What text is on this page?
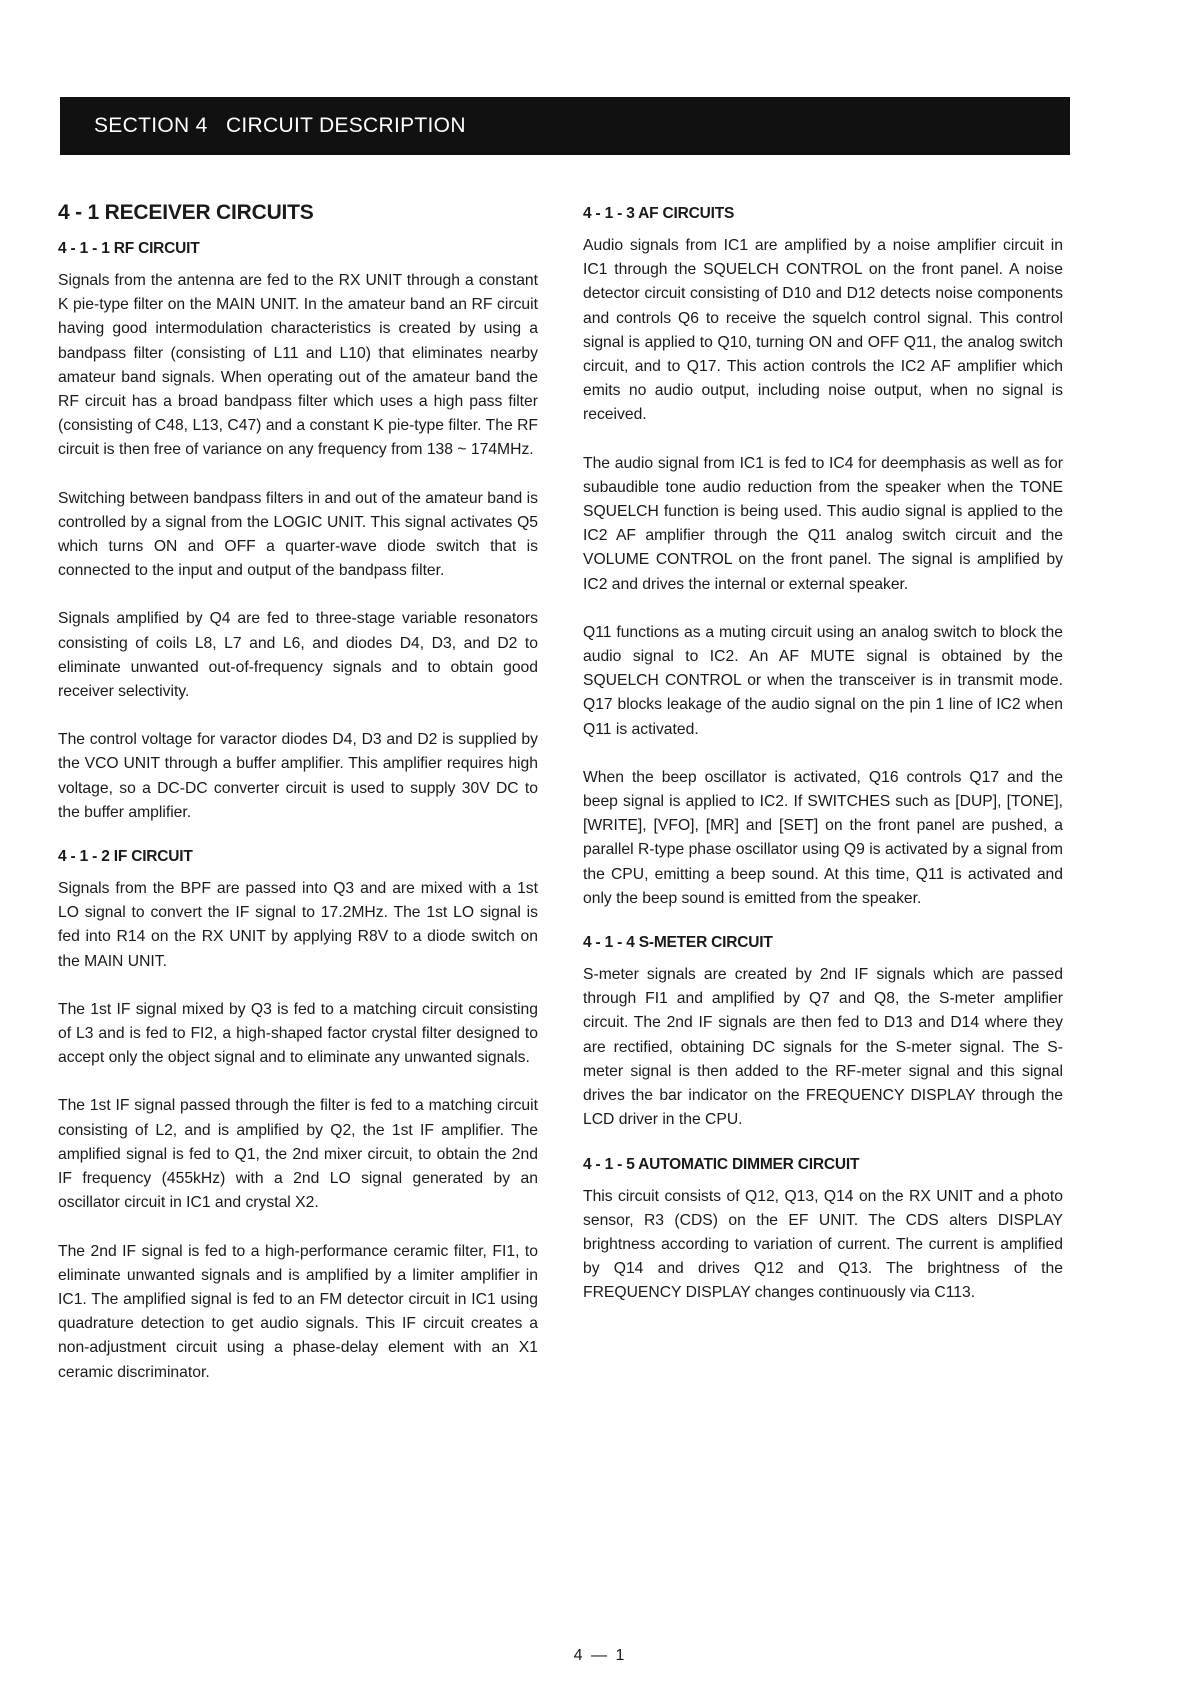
SECTION 4   CIRCUIT DESCRIPTION
4 - 1 RECEIVER CIRCUITS
4 - 1 - 1 RF CIRCUIT

Signals from the antenna are fed to the RX UNIT through a constant K pie-type filter on the MAIN UNIT. In the amateur band an RF circuit having good intermodulation characteristics is created by using a bandpass filter (consisting of L11 and L10) that eliminates nearby amateur band signals. When operating out of the amateur band the RF circuit has a broad bandpass filter which uses a high pass filter (consisting of C48, L13, C47) and a constant K pie-type filter. The RF circuit is then free of variance on any frequency from 138 ~ 174MHz.

Switching between bandpass filters in and out of the amateur band is controlled by a signal from the LOGIC UNIT. This signal activates Q5 which turns ON and OFF a quarter-wave diode switch that is connected to the input and output of the bandpass filter.

Signals amplified by Q4 are fed to three-stage variable resonators consisting of coils L8, L7 and L6, and diodes D4, D3, and D2 to eliminate unwanted out-of-frequency signals and to obtain good receiver selectivity.

The control voltage for varactor diodes D4, D3 and D2 is supplied by the VCO UNIT through a buffer amplifier. This amplifier requires high voltage, so a DC-DC converter circuit is used to supply 30V DC to the buffer amplifier.

4 - 1 - 2 IF CIRCUIT

Signals from the BPF are passed into Q3 and are mixed with a 1st LO signal to convert the IF signal to 17.2MHz. The 1st LO signal is fed into R14 on the RX UNIT by applying R8V to a diode switch on the MAIN UNIT.

The 1st IF signal mixed by Q3 is fed to a matching circuit consisting of L3 and is fed to FI2, a high-shaped factor crystal filter designed to accept only the object signal and to eliminate any unwanted signals.

The 1st IF signal passed through the filter is fed to a matching circuit consisting of L2, and is amplified by Q2, the 1st IF amplifier. The amplified signal is fed to Q1, the 2nd mixer circuit, to obtain the 2nd IF frequency (455kHz) with a 2nd LO signal generated by an oscillator circuit in IC1 and crystal X2.

The 2nd IF signal is fed to a high-performance ceramic filter, FI1, to eliminate unwanted signals and is amplified by a limiter amplifier in IC1. The amplified signal is fed to an FM detector circuit in IC1 using quadrature detection to get audio signals. This IF circuit creates a non-adjustment circuit using a phase-delay element with an X1 ceramic discriminator.

4 - 1 - 3 AF CIRCUITS

Audio signals from IC1 are amplified by a noise amplifier circuit in IC1 through the SQUELCH CONTROL on the front panel. A noise detector circuit consisting of D10 and D12 detects noise components and controls Q6 to receive the squelch control signal. This control signal is applied to Q10, turning ON and OFF Q11, the analog switch circuit, and to Q17. This action controls the IC2 AF amplifier which emits no audio output, including noise output, when no signal is received.

The audio signal from IC1 is fed to IC4 for deemphasis as well as for subaudible tone audio reduction from the speaker when the TONE SQUELCH function is being used. This audio signal is applied to the IC2 AF amplifier through the Q11 analog switch circuit and the VOLUME CONTROL on the front panel. The signal is amplified by IC2 and drives the internal or external speaker.

Q11 functions as a muting circuit using an analog switch to block the audio signal to IC2. An AF MUTE signal is obtained by the SQUELCH CONTROL or when the transceiver is in transmit mode. Q17 blocks leakage of the audio signal on the pin 1 line of IC2 when Q11 is activated.

When the beep oscillator is activated, Q16 controls Q17 and the beep signal is applied to IC2. If SWITCHES such as [DUP], [TONE], [WRITE], [VFO], [MR] and [SET] on the front panel are pushed, a parallel R-type phase oscillator using Q9 is activated by a signal from the CPU, emitting a beep sound. At this time, Q11 is activated and only the beep sound is emitted from the speaker.

4 - 1 - 4 S-METER CIRCUIT

S-meter signals are created by 2nd IF signals which are passed through FI1 and amplified by Q7 and Q8, the S-meter amplifier circuit. The 2nd IF signals are then fed to D13 and D14 where they are rectified, obtaining DC signals for the S-meter signal. The S-meter signal is then added to the RF-meter signal and this signal drives the bar indicator on the FREQUENCY DISPLAY through the LCD driver in the CPU.

4 - 1 - 5 AUTOMATIC DIMMER CIRCUIT

This circuit consists of Q12, Q13, Q14 on the RX UNIT and a photo sensor, R3 (CDS) on the EF UNIT. The CDS alters DISPLAY brightness according to variation of current. The current is amplified by Q14 and drives Q12 and Q13. The brightness of the FREQUENCY DISPLAY changes continuously via C113.

4 — 1
